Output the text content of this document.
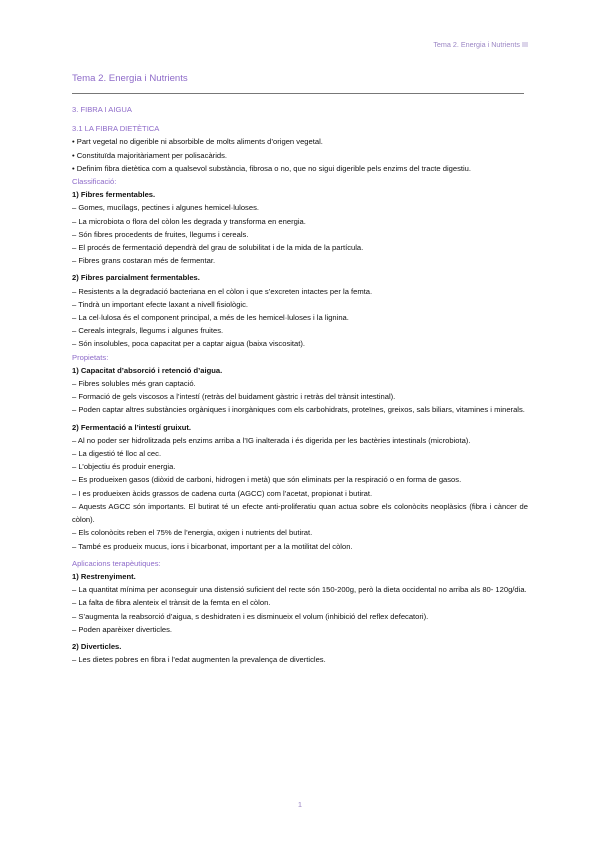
Tema 2. Energia i Nutrients III
Tema 2. Energia i Nutrients
3. FIBRA I AIGUA
3.1 LA FIBRA DIETÈTICA
• Part vegetal no digerible ni absorbible de molts aliments d’origen vegetal.
• Constituïda majoritàriament per polisacàrids.
• Definim fibra dietètica com a qualsevol substància, fibrosa o no, que no sigui digerible pels enzims del tracte digestiu.
Classificació:
1) Fibres fermentables.
– Gomes, mucílags, pectines i algunes hemicel·luloses.
– La microbiota o flora del còlon les degrada y transforma en energia.
– Són fibres procedents de fruites, llegums i cereals.
– El procés de fermentació dependrà del grau de solubilitat i de la mida de la partícula.
– Fibres grans costaran més de fermentar.
2) Fibres parcialment fermentables.
– Resistents a la degradació bacteriana en el còlon i que s’excreten intactes per la femta.
– Tindrà un important efecte laxant a nivell fisiològic.
– La cel·lulosa és el component principal, a més de les hemicel·luloses i la lignina.
– Cereals integrals, llegums i algunes fruites.
– Són insolubles, poca capacitat per a captar aigua (baixa viscositat).
Propietats:
1) Capacitat d’absorció i retenció d’aigua.
– Fibres solubles més gran captació.
– Formació de gels viscosos a l’intestí (retràs del buidament gàstric i retràs del trànsit intestinal).
– Poden captar altres substàncies orgàniques i inorgàniques com els carbohidrats, proteïnes, greixos, sals biliars, vitamines i minerals.
2) Fermentació a l’intestí gruixut.
– Al no poder ser hidrolitzada pels enzims arriba a l’IG inalterada i és digerida per les bactèries intestinals (microbiota).
– La digestió té lloc al cec.
– L’objectiu és produir energia.
– Es produeixen gasos (diòxid de carboni, hidrogen i metà) que són eliminats per la respiració o en forma de gasos.
– I es produeixen àcids grassos de cadena curta (AGCC) com l’acetat, propionat i butirat.
– Aquests AGCC són importants. El butirat té un efecte anti-proliferatiu quan actua sobre els colonòcits neoplàsics (fibra i càncer de còlon).
– Els colonòcits reben el 75% de l’energia, oxigen i nutrients del butirat.
– També es produeix mucus, ions i bicarbonat, important per a la motilitat del còlon.
Aplicacions terapèutiques:
1) Restrenyiment.
– La quantitat mínima per aconseguir una distensió suficient del recte són 150-200g, però la dieta occidental no arriba als 80- 120g/dia.
– La falta de fibra alenteix el trànsit de la femta en el còlon.
– S’augmenta la reabsorció d’aigua, s deshidraten i es disminueix el volum (inhibició del reflex defecatori).
– Poden aparèixer diverticles.
2) Diverticles.
– Les dietes pobres en fibra i l’edat augmenten la prevalença de diverticles.
1
